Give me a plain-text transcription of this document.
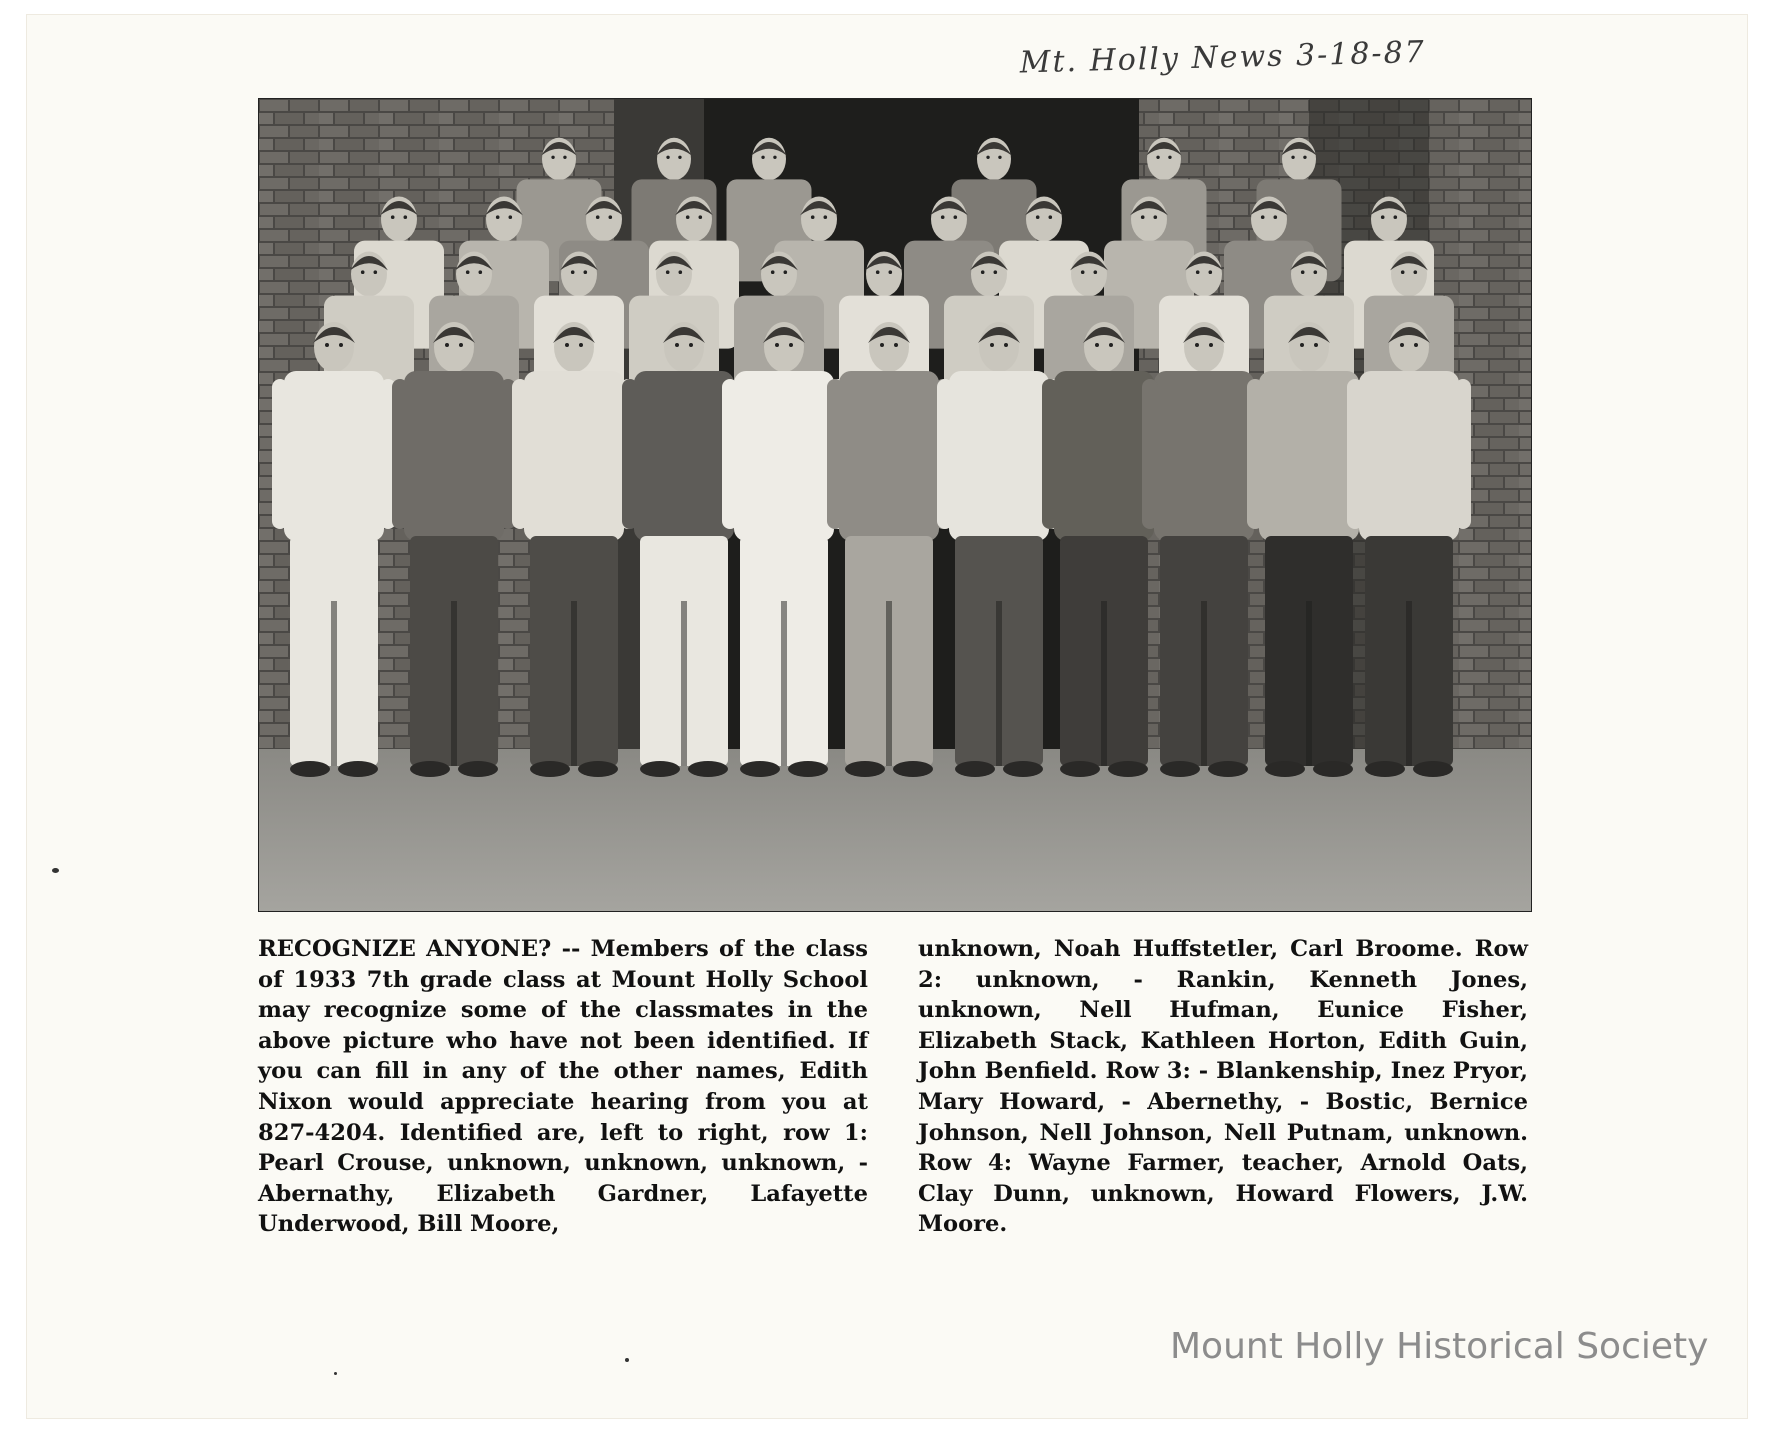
Mt. Holly News 3-18-87
RECOGNIZE ANYONE? -- Members of the class of 1933 7th grade class at Mount Holly School may recognize some of the classmates in the above picture who have not been identified. If you can fill in any of the other names, Edith Nixon would appreciate hearing from you at 827-4204. Identified are, left to right, row 1: Pearl Crouse, unknown, unknown, unknown, - Abernathy, Elizabeth Gardner, Lafayette Underwood, Bill Moore,
unknown, Noah Huffstetler, Carl Broome. Row 2: unknown, - Rankin, Kenneth Jones, unknown, Nell Hufman, Eunice Fisher, Elizabeth Stack, Kathleen Horton, Edith Guin, John Benfield. Row 3: - Blankenship, Inez Pryor, Mary Howard, - Abernethy, - Bostic, Bernice Johnson, Nell Johnson, Nell Putnam, unknown. Row 4: Wayne Farmer, teacher, Arnold Oats, Clay Dunn, unknown, Howard Flowers, J.W. Moore.
Mount Holly Historical Society
